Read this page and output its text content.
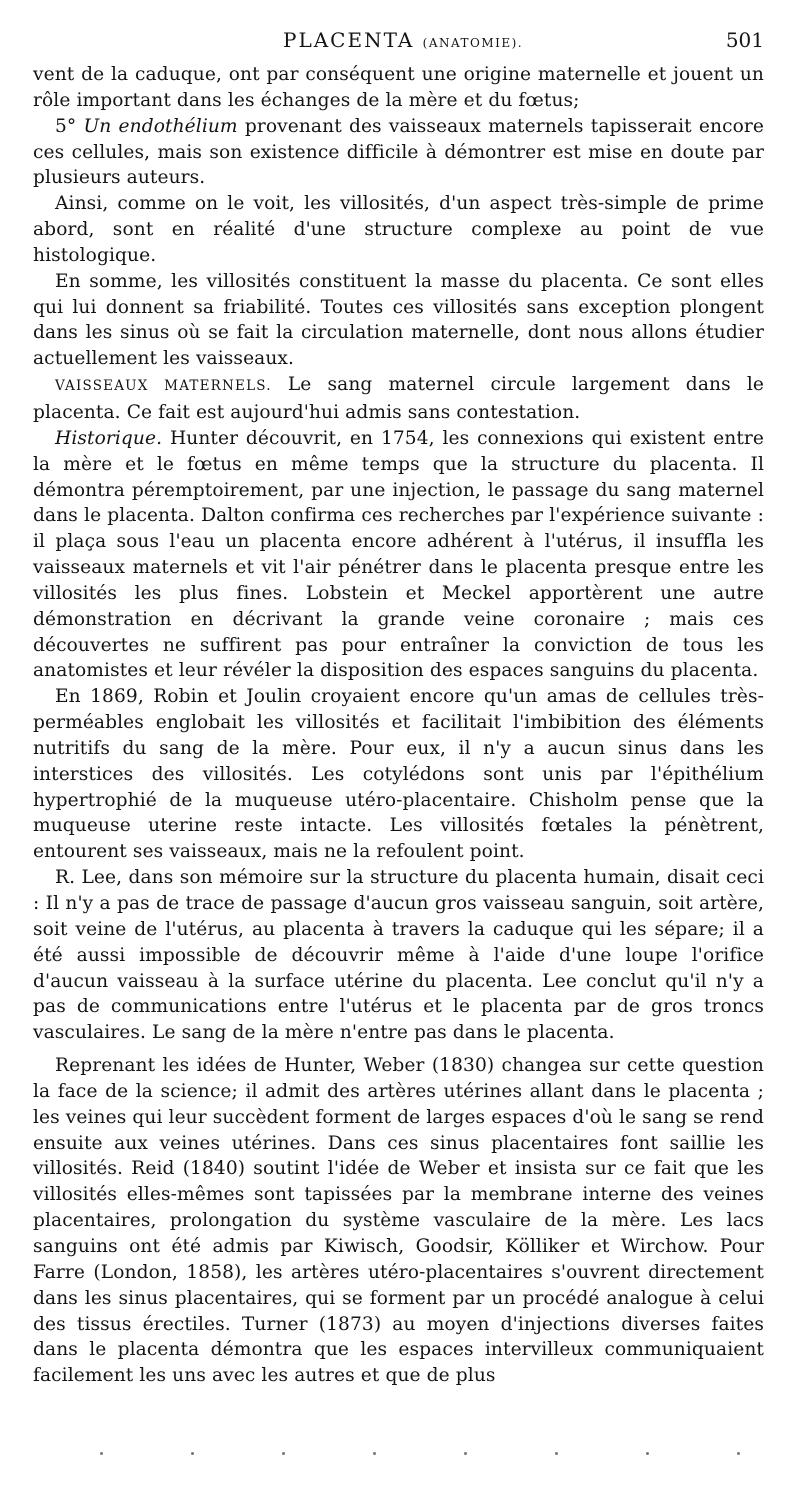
PLACENTA (ANATOMIE).	501

vent de la caduque, ont par conséquent une origine maternelle et jouent un rôle important dans les échanges de la mère et du fœtus;

5° Un endothélium provenant des vaisseaux maternels tapisserait encore ces cellules, mais son existence difficile à démontrer est mise en doute par plusieurs auteurs.

Ainsi, comme on le voit, les villosités, d'un aspect très-simple de prime abord, sont en réalité d'une structure complexe au point de vue histologique.

En somme, les villosités constituent la masse du placenta. Ce sont elles qui lui donnent sa friabilité. Toutes ces villosités sans exception plongent dans les sinus où se fait la circulation maternelle, dont nous allons étudier actuellement les vaisseaux.

VAISSEAUX MATERNELS. Le sang maternel circule largement dans le placenta. Ce fait est aujourd'hui admis sans contestation.

Historique. Hunter découvrit, en 1754, les connexions qui existent entre la mère et le fœtus en même temps que la structure du placenta. Il démontra péremptoirement, par une injection, le passage du sang maternel dans le placenta. Dalton confirma ces recherches par l'expérience suivante : il plaça sous l'eau un placenta encore adhérent à l'utérus, il insuffla les vaisseaux maternels et vit l'air pénétrer dans le placenta presque entre les villosités les plus fines. Lobstein et Meckel apportèrent une autre démonstration en décrivant la grande veine coronaire ; mais ces découvertes ne suffirent pas pour entraîner la conviction de tous les anatomistes et leur révéler la disposition des espaces sanguins du placenta.

En 1869, Robin et Joulin croyaient encore qu'un amas de cellules très-perméables englobait les villosités et facilitait l'imbibition des éléments nutritifs du sang de la mère. Pour eux, il n'y a aucun sinus dans les interstices des villosités. Les cotylédons sont unis par l'épithélium hypertrophié de la muqueuse utéro-placentaire. Chisholm pense que la muqueuse uterine reste intacte. Les villosités fœtales la pénètrent, entourent ses vaisseaux, mais ne la refoulent point.

R. Lee, dans son mémoire sur la structure du placenta humain, disait ceci : Il n'y a pas de trace de passage d'aucun gros vaisseau sanguin, soit artère, soit veine de l'utérus, au placenta à travers la caduque qui les sépare; il a été aussi impossible de découvrir même à l'aide d'une loupe l'orifice d'aucun vaisseau à la surface utérine du placenta. Lee conclut qu'il n'y a pas de communications entre l'utérus et le placenta par de gros troncs vasculaires. Le sang de la mère n'entre pas dans le placenta.

Reprenant les idées de Hunter, Weber (1830) changea sur cette question la face de la science; il admit des artères utérines allant dans le placenta ; les veines qui leur succèdent forment de larges espaces d'où le sang se rend ensuite aux veines utérines. Dans ces sinus placentaires font saillie les villosités. Reid (1840) soutint l'idée de Weber et insista sur ce fait que les villosités elles-mêmes sont tapissées par la membrane interne des veines placentaires, prolongation du système vasculaire de la mère. Les lacs sanguins ont été admis par Kiwisch, Goodsir, Kölliker et Wirchow. Pour Farre (London, 1858), les artères utéro-placentaires s'ouvrent directement dans les sinus placentaires, qui se forment par un procédé analogue à celui des tissus érectiles. Turner (1873) au moyen d'injections diverses faites dans le placenta démontra que les espaces intervilleux communiquaient facilement les uns avec les autres et que de plus
